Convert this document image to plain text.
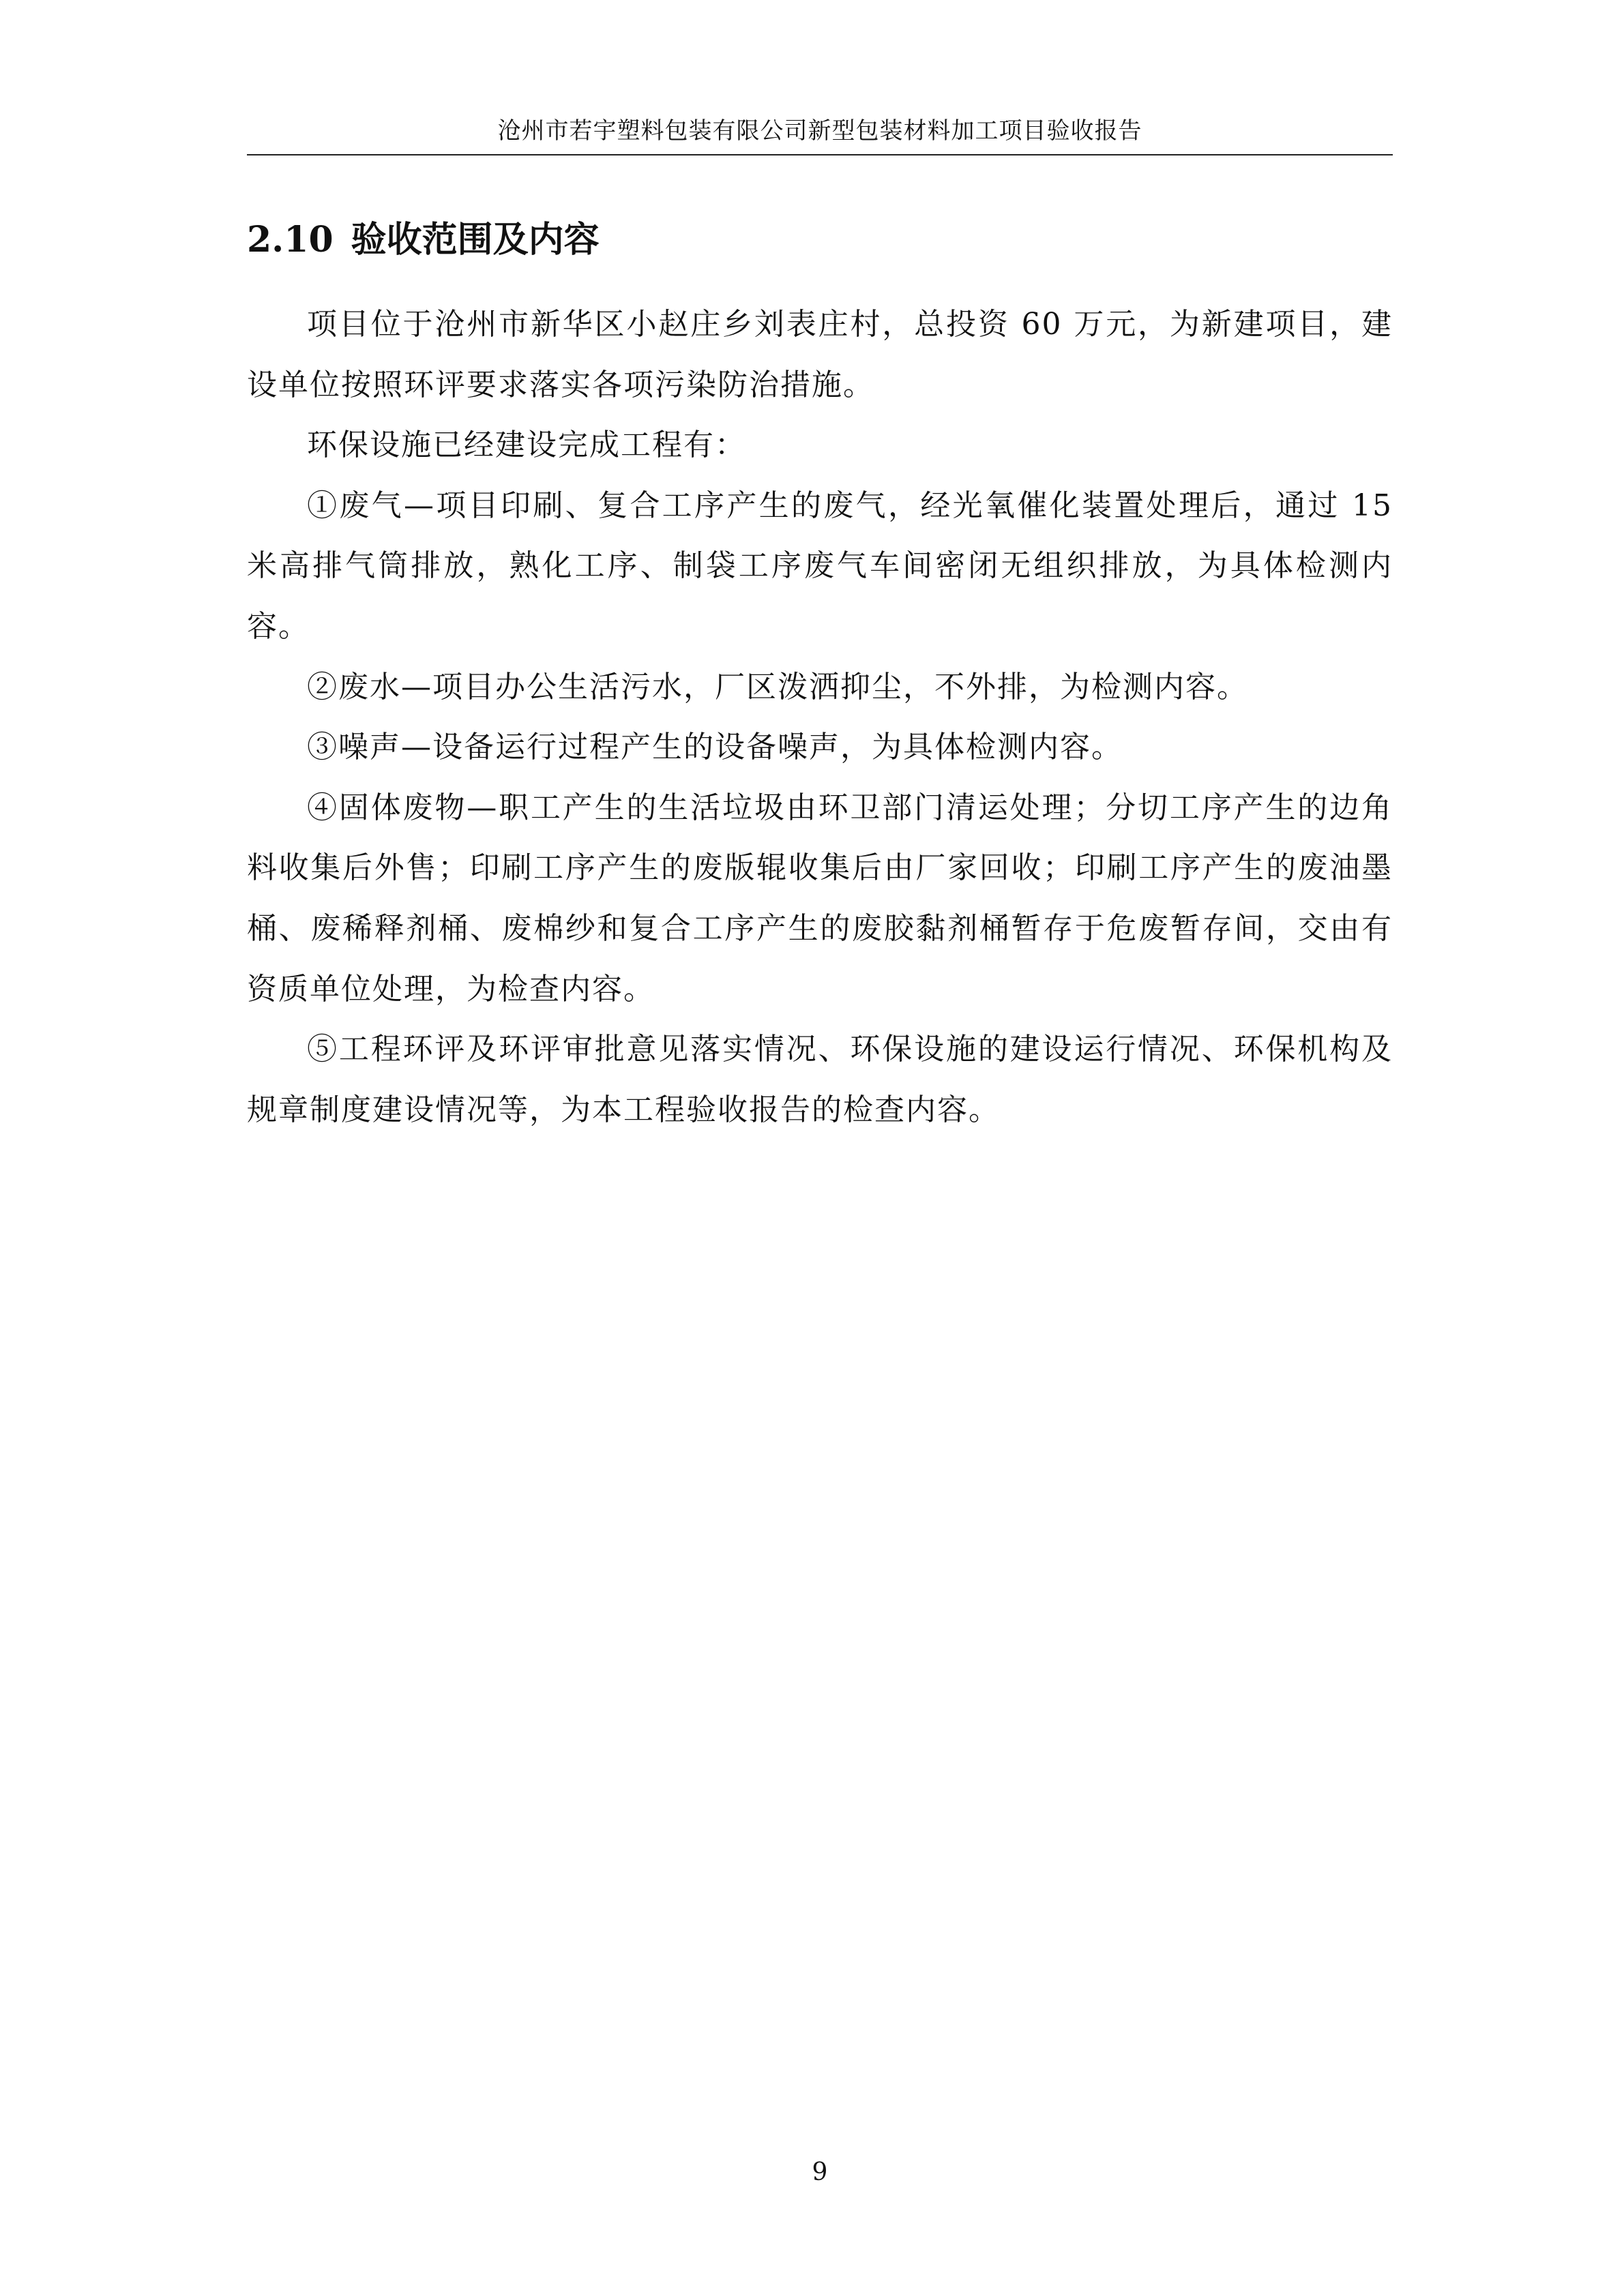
沧州市若宇塑料包装有限公司新型包装材料加工项目验收报告
2.10 验收范围及内容

项目位于沧州市新华区小赵庄乡刘表庄村，总投资 60 万元，为新建项目，建设单位按照环评要求落实各项污染防治措施。

环保设施已经建设完成工程有：

①废气—项目印刷、复合工序产生的废气，经光氧催化装置处理后，通过 15 米高排气筒排放，熟化工序、制袋工序废气车间密闭无组织排放，为具体检测内容。

②废水—项目办公生活污水，厂区泼洒抑尘，不外排，为检测内容。

③噪声—设备运行过程产生的设备噪声，为具体检测内容。

④固体废物—职工产生的生活垃圾由环卫部门清运处理；分切工序产生的边角料收集后外售；印刷工序产生的废版辊收集后由厂家回收；印刷工序产生的废油墨桶、废稀释剂桶、废棉纱和复合工序产生的废胶黏剂桶暂存于危废暂存间，交由有资质单位处理，为检查内容。

⑤工程环评及环评审批意见落实情况、环保设施的建设运行情况、环保机构及规章制度建设情况等，为本工程验收报告的检查内容。

9
